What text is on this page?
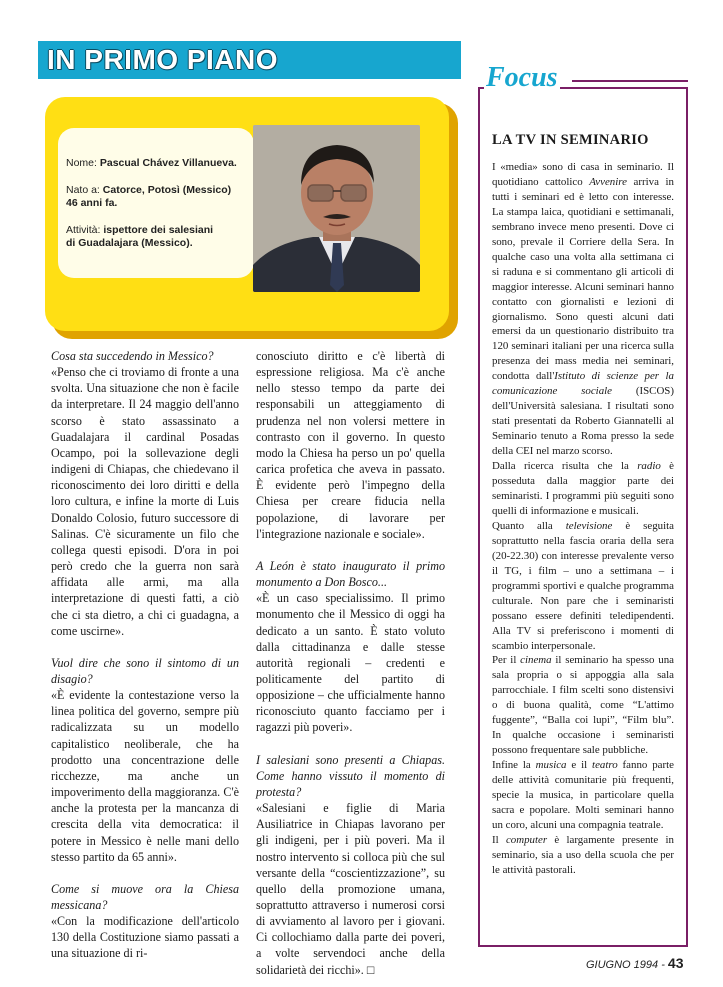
IN PRIMO PIANO
Nome: Pascual Chávez Villanueva.
Nato a: Catorce, Potosì (Messico)
46 anni fa.
Attività: ispettore dei salesiani
di Guadalajara (Messico).

Cosa sta succedendo in Messico?

«Penso che ci troviamo di fronte a una svolta. Una situazione che non è facile da interpretare. Il 24 maggio dell'anno scorso è stato assassinato a Guadalajara il cardinal Posadas Ocampo, poi la sollevazione degli indigeni di Chiapas, che chiedevano il riconoscimento dei loro diritti e della loro cultura, e infine la morte di Luis Donaldo Colosio, futuro successore di Salinas. C'è sicuramente un filo che collega questi episodi. D'ora in poi però credo che la guerra non sarà affidata alle armi, ma alla interpretazione di questi fatti, a ciò che ci sta dietro, a chi ci guadagna, a come uscirne».

Vuol dire che sono il sintomo di un disagio?

«È evidente la contestazione verso la linea politica del governo, sempre più radicalizzata su un modello capitalistico neoliberale, che ha prodotto una concentrazione delle ricchezze, ma anche un impoverimento della maggioranza. C'è anche la protesta per la mancanza di crescita della vita democratica: il potere in Messico è nelle mani dello stesso partito da 65 anni».

Come si muove ora la Chiesa messicana?

«Con la modificazione dell'articolo 130 della Costituzione siamo passati a una situazione di ri-

conosciuto diritto e c'è libertà di espressione religiosa. Ma c'è anche nello stesso tempo da parte dei responsabili un atteggiamento di prudenza nel non volersi mettere in contrasto con il governo. In questo modo la Chiesa ha perso un po' quella carica profetica che aveva in passato. È evidente però l'impegno della Chiesa per creare fiducia nella popolazione, di lavorare per l'integrazione nazionale e sociale».

A León è stato inaugurato il primo monumento a Don Bosco...

«È un caso specialissimo. Il primo monumento che il Messico di oggi ha dedicato a un santo. È stato voluto dalla cittadinanza e dalle stesse autorità regionali – credenti e politicamente del partito di opposizione – che ufficialmente hanno riconosciuto quanto facciamo per i ragazzi più poveri».

I salesiani sono presenti a Chiapas. Come hanno vissuto il momento di protesta?

«Salesiani e figlie di Maria Ausiliatrice in Chiapas lavorano per gli indigeni, per i più poveri. Ma il nostro intervento si colloca più che sul versante della “coscientizzazione”, su quello della promozione umana, soprattutto attraverso i numerosi corsi di avviamento al lavoro per i giovani. Ci collochiamo dalla parte dei poveri, a volte servendoci anche della solidarietà dei ricchi». □

Focus
LA TV IN SEMINARIO

I «media» sono di casa in seminario. Il quotidiano cattolico Avvenire arriva in tutti i seminari ed è letto con interesse. La stampa laica, quotidiani e settimanali, sembrano invece meno presenti. Dove ci sono, prevale il Corriere della Sera. In qualche caso una volta alla settimana ci si raduna e si commentano gli articoli di maggior interesse. Alcuni seminari hanno contatto con giornalisti e lezioni di giornalismo. Sono questi alcuni dati emersi da un questionario distribuito tra 120 seminari italiani per una ricerca sulla presenza dei mass media nei seminari, condotta dall'Istituto di scienze per la comunicazione sociale (ISCOS) dell'Università salesiana. I risultati sono stati presentati da Roberto Giannatelli al Seminario tenuto a Roma presso la sede della CEI nel marzo scorso.

Dalla ricerca risulta che la radio è posseduta dalla maggior parte dei seminaristi. I programmi più seguiti sono quelli di informazione e musicali.

Quanto alla televisione è seguita soprattutto nella fascia oraria della sera (20-22.30) con interesse prevalente verso il TG, i film – uno a settimana – i programmi sportivi e qualche programma culturale. Non pare che i seminaristi possano essere definiti teledipendenti. Alla TV si preferiscono i momenti di scambio interpersonale.

Per il cinema il seminario ha spesso una sala propria o si appoggia alla sala parrocchiale. I film scelti sono distensivi o di buona qualità, come “L'attimo fuggente”, “Balla coi lupi”, “Film blu”. In qualche occasione i seminaristi possono frequentare sale pubbliche.

Infine la musica e il teatro fanno parte delle attività comunitarie più frequenti, specie la musica, in particolare quella sacra e popolare. Molti seminari hanno un coro, alcuni una compagnia teatrale.

Il computer è largamente presente in seminario, sia a uso della scuola che per le attività pastorali.

GIUGNO 1994 - 43
